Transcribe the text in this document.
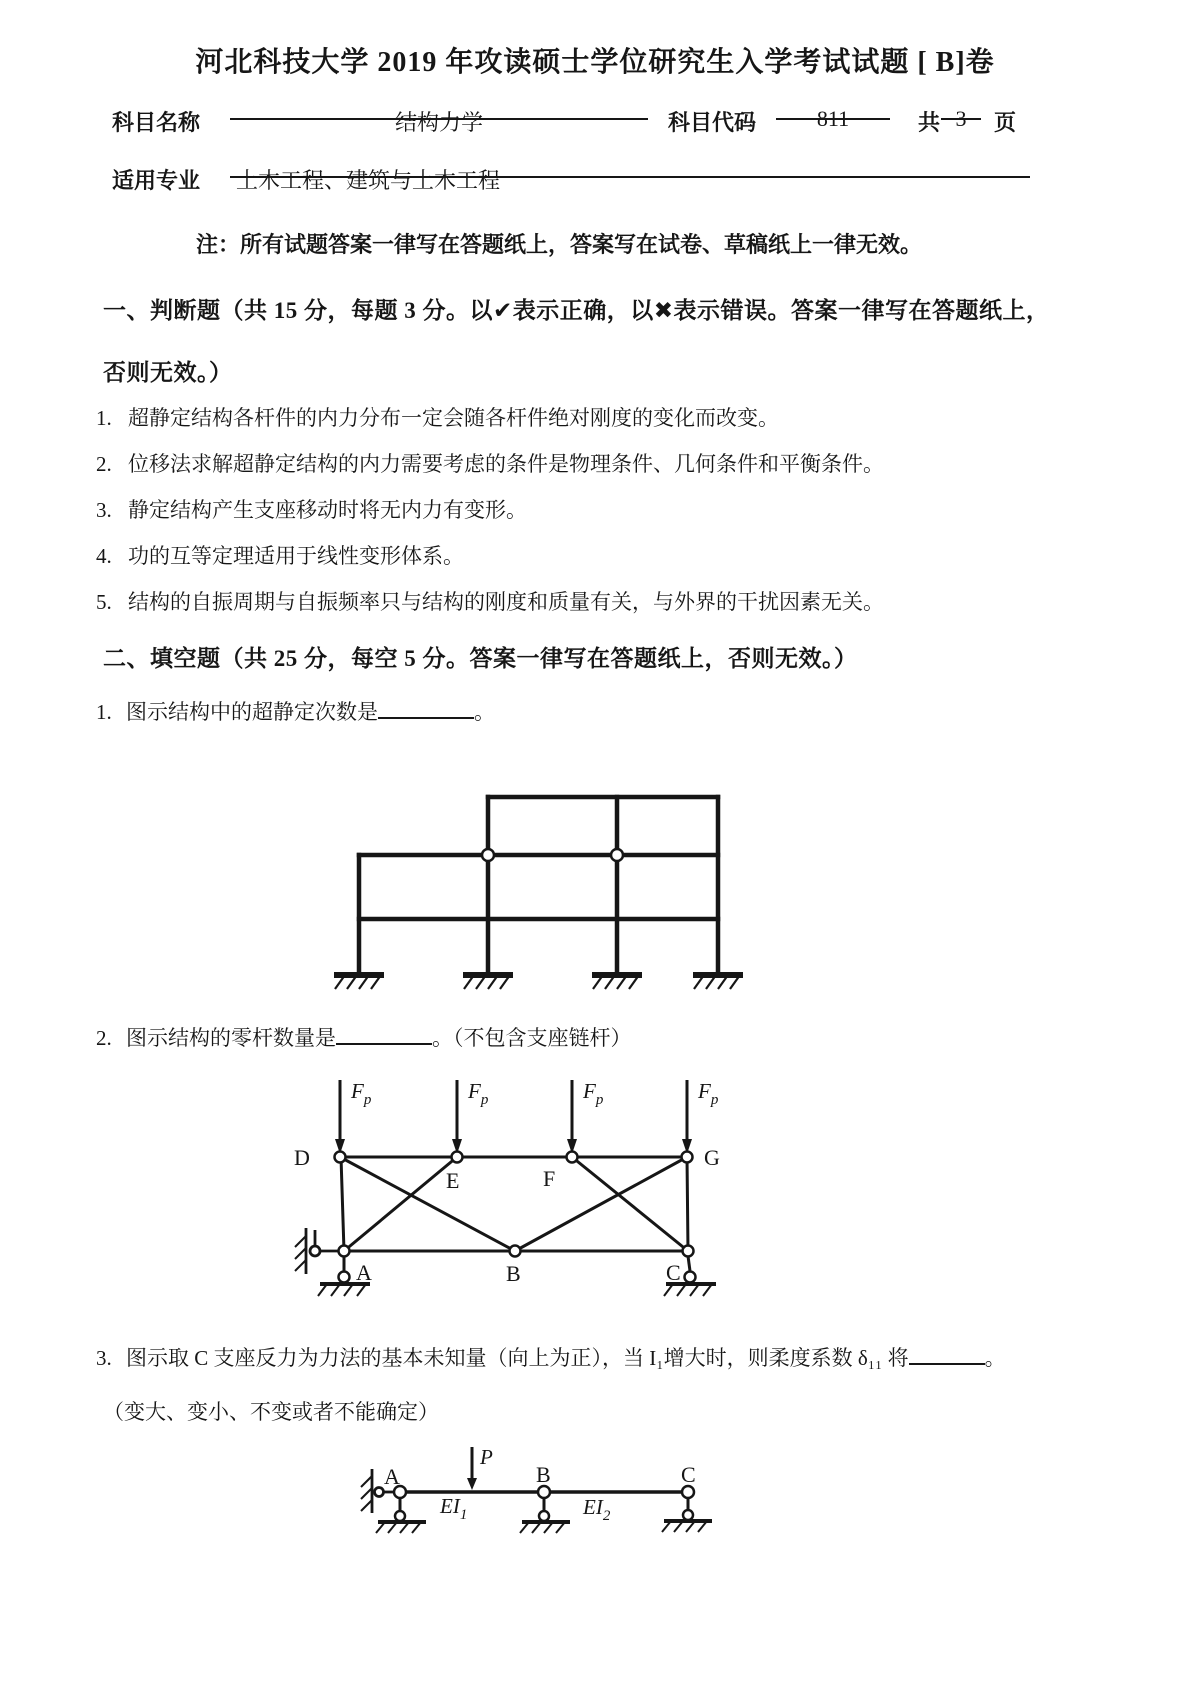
河北科技大学 2019 年攻读硕士学位研究生入学考试试题 [ B]卷
科目名称	结构力学	科目代码	811	共 3	页
适用专业 土木工程、建筑与土木工程
注：所有试题答案一律写在答题纸上，答案写在试卷、草稿纸上一律无效。
一、判断题（共 15 分，每题 3 分。以✔表示正确，以✖表示错误。答案一律写在答题纸上，
否则无效。）
1. 超静定结构各杆件的内力分布一定会随各杆件绝对刚度的变化而改变。
2. 位移法求解超静定结构的内力需要考虑的条件是物理条件、几何条件和平衡条件。
3. 静定结构产生支座移动时将无内力有变形。
4. 功的互等定理适用于线性变形体系。
5. 结构的自振周期与自振频率只与结构的刚度和质量有关，与外界的干扰因素无关。
二、填空题（共 25 分，每空 5 分。答案一律写在答题纸上，否则无效。）
1. 图示结构中的超静定次数是	。
2. 图示结构的零杆数量是	。（不包含支座链杆）
$F_p$	$F_p$	$F_p$	$F_p$
D
E	F
G
A	B	C
3. 图示取 C 支座反力为力法的基本未知量（向上为正），当 I₁增大时，则柔度系数 δ₁₁ 将	。
（变大、变小、不变或者不能确定）
P
A	B	C
$EI_1$	$EI_2$
